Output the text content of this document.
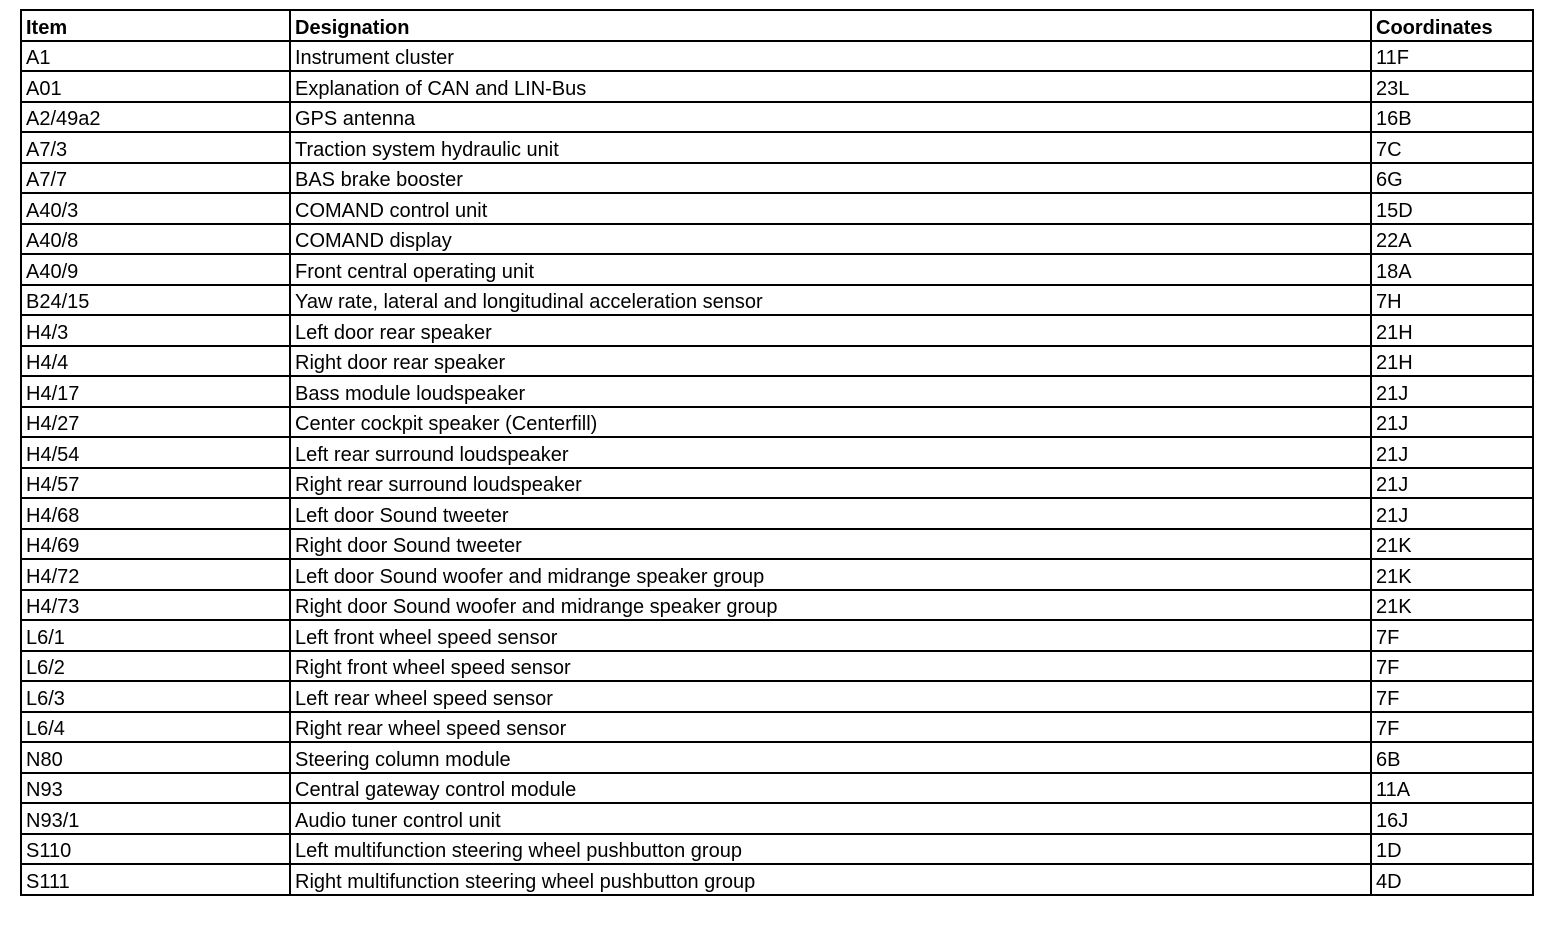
Item	Designation	Coordinates
A1	Instrument cluster	11F
A01	Explanation of CAN and LIN-Bus	23L
A2/49a2	GPS antenna	16B
A7/3	Traction system hydraulic unit	7C
A7/7	BAS brake booster	6G
A40/3	COMAND control unit	15D
A40/8	COMAND display	22A
A40/9	Front central operating unit	18A
B24/15	Yaw rate, lateral and longitudinal acceleration sensor	7H
H4/3	Left door rear speaker	21H
H4/4	Right door rear speaker	21H
H4/17	Bass module loudspeaker	21J
H4/27	Center cockpit speaker (Centerfill)	21J
H4/54	Left rear surround loudspeaker	21J
H4/57	Right rear surround loudspeaker	21J
H4/68	Left door Sound tweeter	21J
H4/69	Right door Sound tweeter	21K
H4/72	Left door Sound woofer and midrange speaker group	21K
H4/73	Right door Sound woofer and midrange speaker group	21K
L6/1	Left front wheel speed sensor	7F
L6/2	Right front wheel speed sensor	7F
L6/3	Left rear wheel speed sensor	7F
L6/4	Right rear wheel speed sensor	7F
N80	Steering column module	6B
N93	Central gateway control module	11A
N93/1	Audio tuner control unit	16J
S110	Left multifunction steering wheel pushbutton group	1D
S111	Right multifunction steering wheel pushbutton group	4D
